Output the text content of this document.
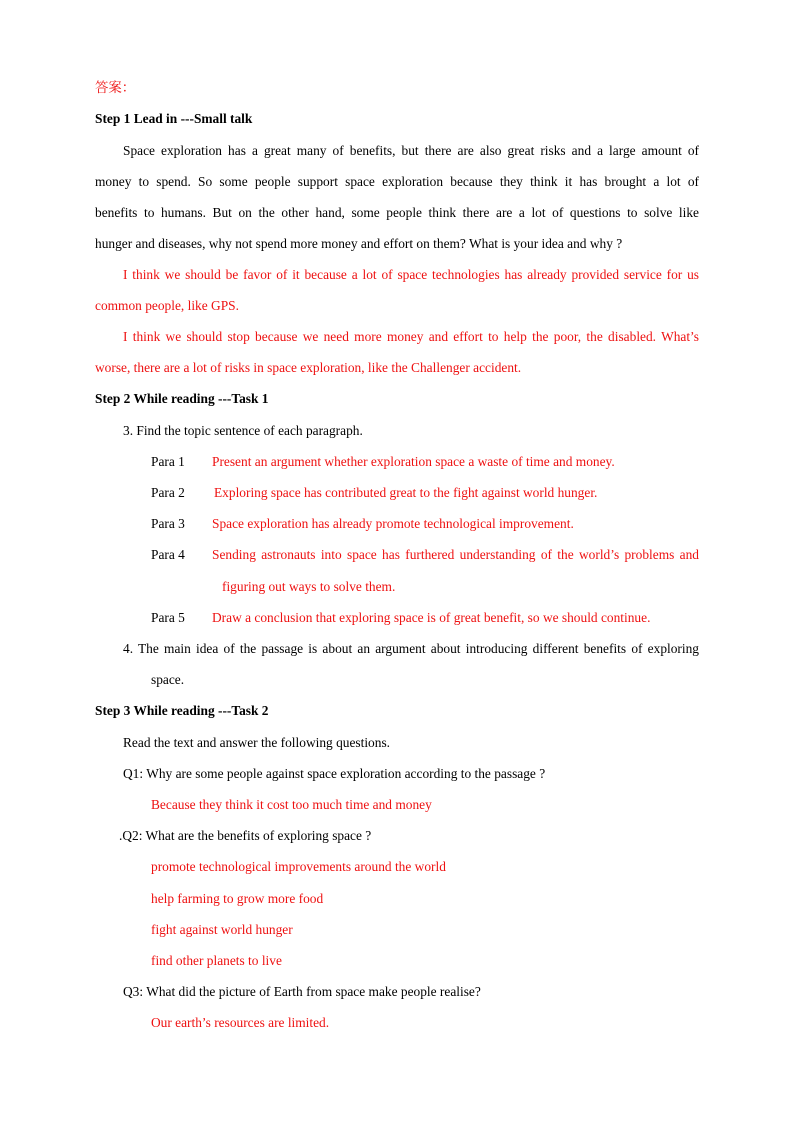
答案：
Step 1 Lead in ---Small talk
Space exploration has a great many of benefits, but there are also great risks and a large amount of
money to spend. So some people support space exploration because they think it has brought a lot of
benefits to humans. But on the other hand, some people think there are a lot of questions to solve like
hunger and diseases, why not spend more money and effort on them? What is your idea and why ?
I think we should be favor of it because a lot of space technologies has already provided service for us
common people, like GPS.
I think we should stop because we need more money and effort to help the poor, the disabled. What’s
worse, there are a lot of risks in space exploration, like the Challenger accident.
Step 2 While reading ---Task 1
3. Find the topic sentence of each paragraph.
Para 1 Present an argument whether exploration space a waste of time and money.
Para 2 Exploring space has contributed great to the fight against world hunger.
Para 3 Space exploration has already promote technological improvement.
Para 4 Sending astronauts into space has furthered understanding of the world’s problems and
figuring out ways to solve them.
Para 5 Draw a conclusion that exploring space is of great benefit, so we should continue.
4. The main idea of the passage is about an argument about introducing different benefits of exploring
space.
Step 3 While reading ---Task 2
Read the text and answer the following questions.
Q1: Why are some people against space exploration according to the passage ?
Because they think it cost too much time and money
.Q2: What are the benefits of exploring space ?
promote technological improvements around the world
help farming to grow more food
fight against world hunger
find other planets to live
Q3: What did the picture of Earth from space make people realise?
Our earth’s resources are limited.
